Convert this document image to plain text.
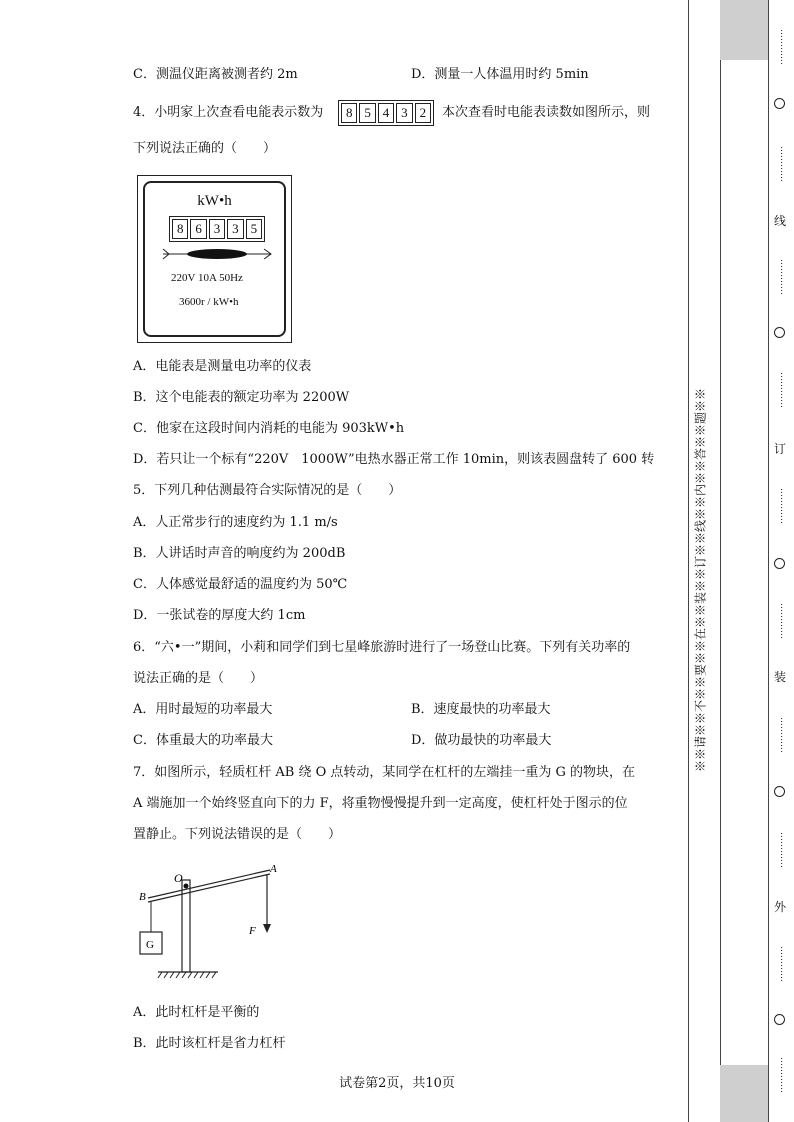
C．测温仪距离被测者约 2m	D．测量一人体温用时约 5min
4．小明家上次查看电能表示数为	8 5 4 3 2	本次查看时电能表读数如图所示，则
下列说法正确的（　　）
kW•h
8 6 3 3 5
220V 10A 50Hz
3600r / kW•h
A．电能表是测量电功率的仪表
B．这个电能表的额定功率为 2200W
C．他家在这段时间内消耗的电能为 903kW•h
D．若只让一个标有“220V　1000W”电热水器正常工作 10min，则该表圆盘转了 600 转
5．下列几种估测最符合实际情况的是（　　）
A．人正常步行的速度约为 1.1 m/s
B．人讲话时声音的响度约为 200dB
C．人体感觉最舒适的温度约为 50℃
D．一张试卷的厚度大约 1cm
6．“六•一”期间，小莉和同学们到七星峰旅游时进行了一场登山比赛。下列有关功率的
说法正确的是（　　）
A．用时最短的功率最大	B．速度最快的功率最大
C．体重最大的功率最大	D．做功最快的功率最大
7．如图所示，轻质杠杆 AB 绕 O 点转动，某同学在杠杆的左端挂一重为 G 的物块，在
A 端施加一个始终竖直向下的力 F，将重物慢慢提升到一定高度，使杠杆处于图示的位
置静止。下列说法错误的是（　　）
O
A
B
F
G
A．此时杠杆是平衡的
B．此时该杠杆是省力杠杆
试卷第2页，共10页
※※请※※不※※要※※在※※装※※订※※线※※内※※答※※题※※
…………
…………
线
…………
…………
订
…………
…………
装
…………
…………
外
…………
…………
